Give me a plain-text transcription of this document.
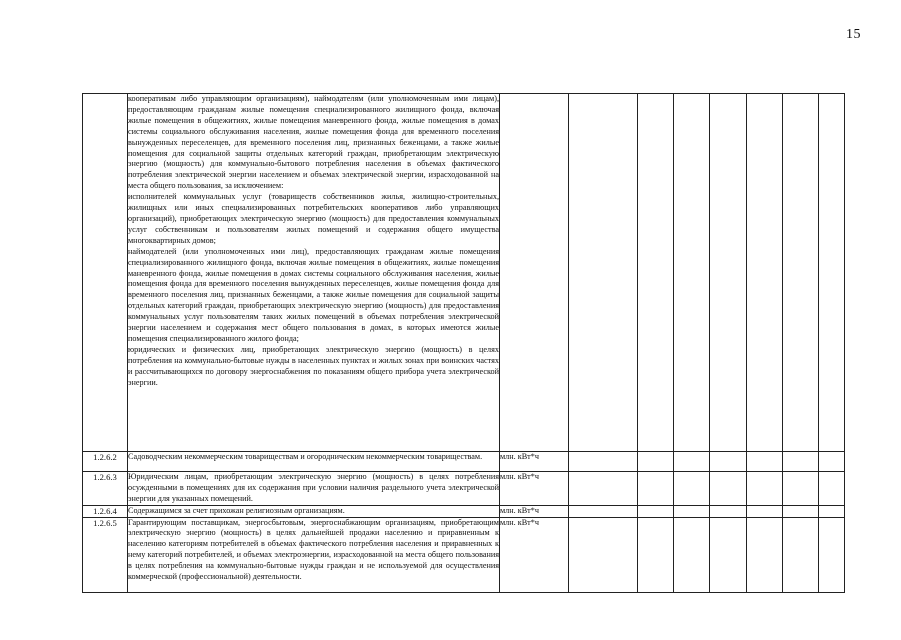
15

	кооперативам либо управляющим организациям), наймодателям (или уполномоченным ими лицам), предоставляющим гражданам жилые помещения специализированного жилищного фонда, включая жилые помещения в общежитиях, жилые помещения маневренного фонда, жилые помещения в домах системы социального обслуживания населения, жилые помещения фонда для временного поселения вынужденных переселенцев, для временного поселения лиц, признанных беженцами, а также жилые помещения для социальной защиты отдельных категорий граждан, приобретающим электрическую энергию (мощность) для коммунально-бытового потребления населения в объемах фактического потребления электрической энергии населением и объемах электрической энергии, израсходованной на места общего пользования, за исключением:

исполнителей коммунальных услуг (товариществ собственников жилья, жилищно-строительных, жилищных или иных специализированных потребительских кооперативов либо управляющих организаций), приобретающих электрическую энергию (мощность) для предоставления коммунальных услуг собственникам и пользователям жилых помещений и содержания общего имущества многоквартирных домов;

наймодателей (или уполномоченных ими лиц), предоставляющих гражданам жилые помещения специализированного жилищного фонда, включая жилые помещения в общежитиях, жилые помещения маневренного фонда, жилые помещения в домах системы социального обслуживания населения, жилые помещения фонда для временного поселения вынужденных переселенцев, жилые помещения фонда для временного поселения лиц, признанных беженцами, а также жилые помещения для социальной защиты отдельных категорий граждан, приобретающих электрическую энергию (мощность) для предоставления коммунальных услуг пользователям таких жилых помещений в объемах потребления электрической энергии населением и содержания мест общего пользования в домах, в которых имеются жилые помещения специализированного жилого фонда;

юридических и физических лиц, приобретающих электрическую энергию (мощность) в целях потребления на коммунально-бытовые нужды в населенных пунктах и жилых зонах при воинских частях и рассчитывающихся по договору энергоснабжения по показаниям общего прибора учета электрической энергии.								

1.2.6.2	Садоводческим некоммерческим товариществам и огородническим некоммерческим товариществам.	млн. кВт*ч							
1.2.6.3	Юридическим лицам, приобретающим электрическую энергию (мощность) в целях потребления осужденными в помещениях для их содержания при условии наличия раздельного учета электрической энергии для указанных помещений.	млн. кВт*ч							
1.2.6.4	Содержащимся за счет прихожан религиозным организациям.	млн. кВт*ч							
1.2.6.5	Гарантирующим поставщикам, энергосбытовым, энергоснабжающим организациям, приобретающим электрическую энергию (мощность) в целях дальнейшей продажи населению и приравненным к населению категориям потребителей в объемах фактического потребления населения и приравненных к нему категорий потребителей, и объемах электроэнергии, израсходованной на места общего пользования в целях потребления на коммунально-бытовые нужды граждан и не используемой для осуществления коммерческой (профессиональной) деятельности.	млн. кВт*ч							
